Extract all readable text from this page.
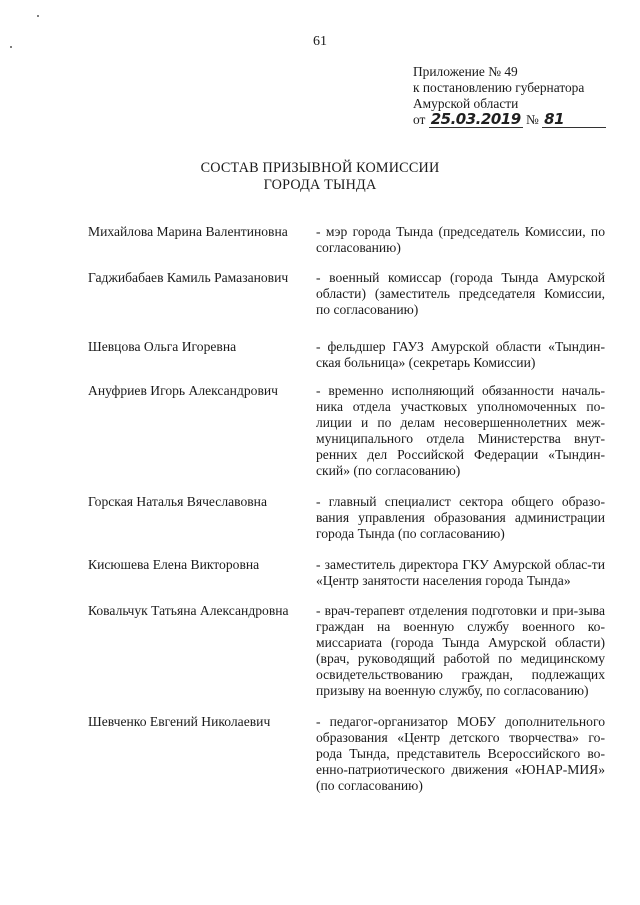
61
Приложение № 49
к постановлению губернатора
Амурской области
от 25.03.2019 № 81
СОСТАВ ПРИЗЫВНОЙ КОМИССИИ
ГОРОДА ТЫНДА
Михайлова Марина Валентиновна	- мэр города Тында (председатель Комиссии, по согласованию)
Гаджибабаев Камиль Рамазанович	- военный комиссар (города Тында Амурской области) (заместитель председателя Комиссии, по согласованию)
Шевцова Ольга Игоревна	- фельдшер ГАУЗ Амурской области «Тындин-ская больница» (секретарь Комиссии)
Ануфриев Игорь Александрович	- временно исполняющий обязанности началь-ника отдела участковых уполномоченных по-лиции и по делам несовершеннолетних меж-муниципального отдела Министерства внут-ренних дел Российской Федерации «Тындин-ский» (по согласованию)
Горская Наталья Вячеславовна	- главный специалист сектора общего образо-вания управления образования администрации города Тында (по согласованию)
Кисюшева Елена Викторовна	- заместитель директора ГКУ Амурской облас-ти «Центр занятости населения города Тында»
Ковальчук Татьяна Александровна	- врач-терапевт отделения подготовки и при-зыва граждан на военную службу военного ко-миссариата (города Тында Амурской области) (врач, руководящий работой по медицинскому освидетельствованию граждан, подлежащих призыву на военную службу, по согласованию)
Шевченко Евгений Николаевич	- педагог-организатор МОБУ дополнительного образования «Центр детского творчества» го-рода Тында, представитель Всероссийского во-енно-патриотического движения «ЮНАР-МИЯ» (по согласованию)
